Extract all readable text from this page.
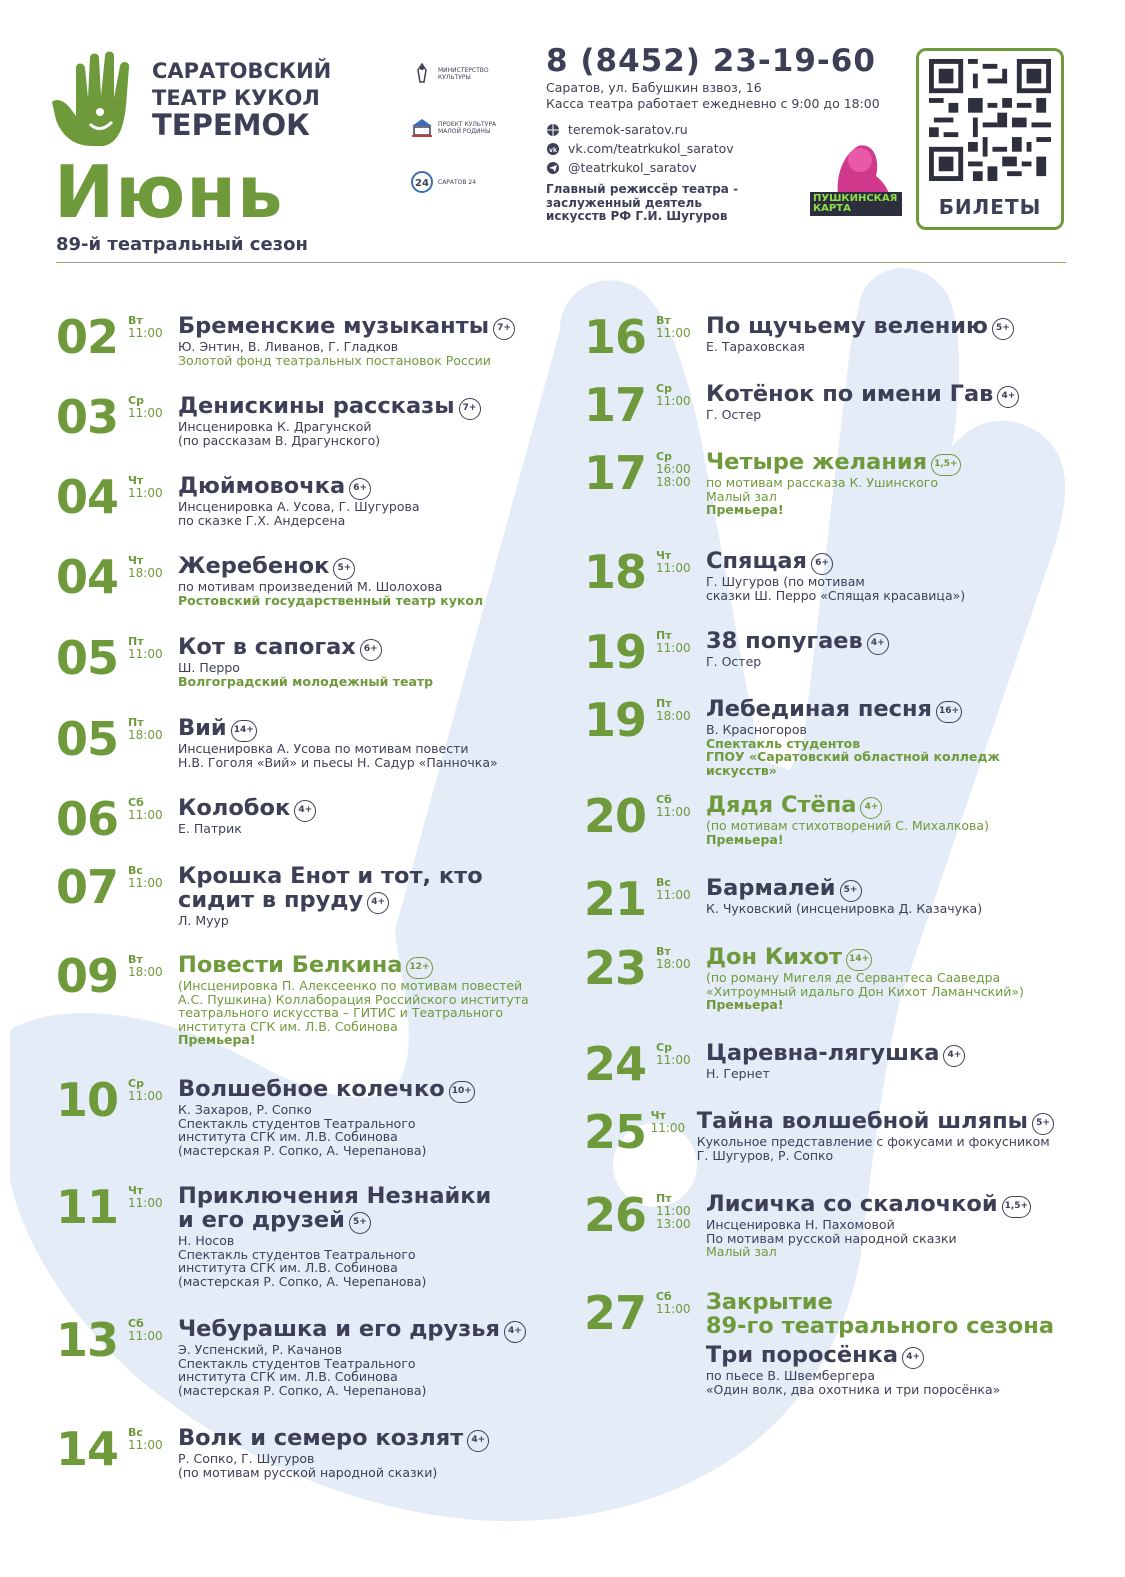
САРАТОВСКИЙ
ТЕАТР КУКОЛ
ТЕРЕМОК
Июнь
89-й театральный сезон
МИНИСТЕРСТВО КУЛЬТУРЫ
ПРОЕКТ КУЛЬТУРА МАЛОЙ РОДИНЫ
24 САРАТОВ 24
8 (8452) 23-19-60
Саратов, ул. Бабушкин взвоз, 16
Касса театра работает ежедневно с 9:00 до 18:00
teremok-saratov.ru
vk vk.com/teatrkukol_saratov
@teatrkukol_saratov
Главный режиссёр театра - заслуженный деятель искусств РФ Г.И. Шугуров
ПУШКИНСКАЯ КАРТА	БИЛЕТЫ
02 Вт
11:00 Бременские музыканты 7+
Ю. Энтин, В. Ливанов, Г. Гладков
Золотой фонд театральных постановок России
03 Ср
11:00 Денискины рассказы 7+
Инсценировка К. Драгунской
(по рассказам В. Драгунского)
04 Чт
11:00 Дюймовочка 6+
Инсценировка А. Усова, Г. Шугурова
по сказке Г.Х. Андерсена
04 Чт
18:00 Жеребенок 5+
по мотивам произведений М. Шолохова
Ростовский государственный театр кукол
05 Пт
11:00 Кот в сапогах 6+
Ш. Перро
Волгоградский молодежный театр
05 Пт
18:00 Вий 14+
Инсценировка А. Усова по мотивам повести
Н.В. Гоголя «Вий» и пьесы Н. Садур «Панночка»
06 Сб
11:00 Колобок 4+
Е. Патрик
07 Вс
11:00 Крошка Енот и тот, кто
сидит в пруду 4+
Л. Муур
09 Вт
18:00 Повести Белкина 12+
(Инсценировка П. Алексеенко по мотивам повестей
А.С. Пушкина) Коллаборация Российского института
театрального искусства – ГИТИС и Театрального
института СГК им. Л.В. Собинова
Премьера!
10 Ср
11:00 Волшебное колечко 10+
К. Захаров, Р. Сопко
Спектакль студентов Театрального
института СГК им. Л.В. Собинова
(мастерская Р. Сопко, А. Черепанова)
11 Чт
11:00 Приключения Незнайки
и его друзей 5+
Н. Носов
Спектакль студентов Театрального
института СГК им. Л.В. Собинова
(мастерская Р. Сопко, А. Черепанова)
13 Сб
11:00 Чебурашка и его друзья 4+
Э. Успенский, Р. Качанов
Спектакль студентов Театрального
института СГК им. Л.В. Собинова
(мастерская Р. Сопко, А. Черепанова)
14 Вс
11:00 Волк и семеро козлят 4+
Р. Сопко, Г. Шугуров
(по мотивам русской народной сказки)
16 Вт
11:00 По щучьему велению 5+
Е. Тараховская
17 Ср
11:00 Котёнок по имени Гав 4+
Г. Остер
17 Ср
16:00
18:00
Четыре желания 1,5+
по мотивам рассказа К. Ушинского
Малый зал
Премьера!
18 Чт
11:00 Спящая 6+
Г. Шугуров (по мотивам
сказки Ш. Перро «Спящая красавица»)
19 Пт
11:00 38 попугаев 4+
Г. Остер
19 Пт
18:00 Лебединая песня 16+
В. Красногоров
Спектакль студентов
ГПОУ «Саратовский областной колледж искусств»
20 Сб
11:00 Дядя Стёпа 4+
(по мотивам стихотворений С. Михалкова)
Премьера!
21 Вс
11:00 Бармалей 5+
К. Чуковский (инсценировка Д. Казачука)
23 Вт
18:00 Дон Кихот 14+
(по роману Мигеля де Сервантеса Сааведра
«Хитроумный идальго Дон Кихот Ламанчский»)
Премьера!
24 Ср
11:00 Царевна-лягушка 4+
Н. Гернет
25 Чт
11:00 Тайна волшебной шляпы 5+
Кукольное представление с фокусами и фокусником
Г. Шугуров, Р. Сопко
26 Пт
11:00
13:00
Лисичка со скалочкой 1,5+
Инсценировка Н. Пахомовой
По мотивам русской народной сказки
Малый зал
27 Сб
11:00 Закрытие
89-го театрального сезона
Три поросёнка 4+
по пьесе В. Швембергера
«Один волк, два охотника и три поросёнка»
